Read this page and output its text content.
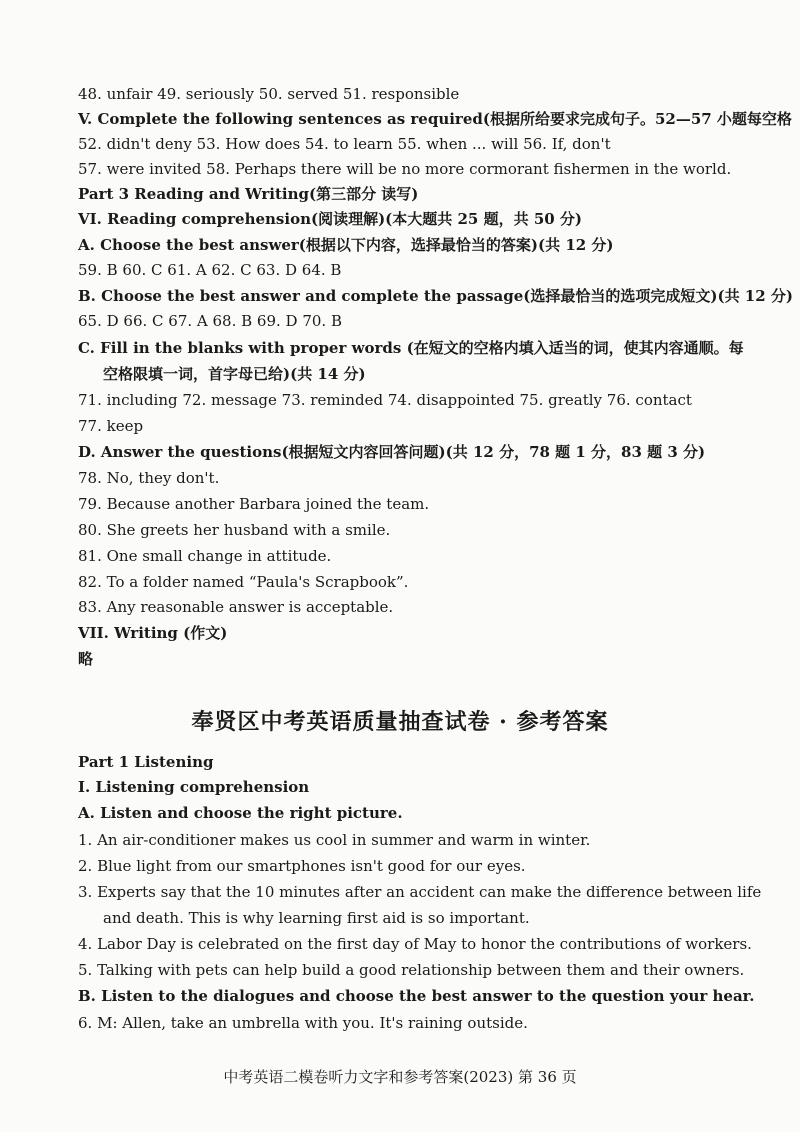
48. unfair 49. seriously 50. served 51. responsible
V. Complete the following sentences as required(根据所给要求完成句子。52—57 小题每空格
52. didn't deny 53. How does 54. to learn 55. when ... will 56. If, don't
57. were invited 58. Perhaps there will be no more cormorant fishermen in the world.
Part 3 Reading and Writing(第三部分 读写)
VI. Reading comprehension(阅读理解)(本大题共 25 题，共 50 分)
A. Choose the best answer(根据以下内容，选择最恰当的答案)(共 12 分)
59. B 60. C 61. A 62. C 63. D 64. B
B. Choose the best answer and complete the passage(选择最恰当的选项完成短文)(共 12 分)
65. D 66. C 67. A 68. B 69. D 70. B
C. Fill in the blanks with proper words (在短文的空格内填入适当的词，使其内容通顺。每
空格限填一词，首字母已给)(共 14 分)
71. including 72. message 73. reminded 74. disappointed 75. greatly 76. contact
77. keep
D. Answer the questions(根据短文内容回答问题)(共 12 分，78 题 1 分，83 题 3 分)
78. No, they don't.
79. Because another Barbara joined the team.
80. She greets her husband with a smile.
81. One small change in attitude.
82. To a folder named “Paula's Scrapbook”.
83. Any reasonable answer is acceptable.
VII. Writing (作文)
略
奉贤区中考英语质量抽查试卷 · 参考答案
Part 1 Listening
I. Listening comprehension
A. Listen and choose the right picture.
1. An air-conditioner makes us cool in summer and warm in winter.
2. Blue light from our smartphones isn't good for our eyes.
3. Experts say that the 10 minutes after an accident can make the difference between life
and death. This is why learning first aid is so important.
4. Labor Day is celebrated on the first day of May to honor the contributions of workers.
5. Talking with pets can help build a good relationship between them and their owners.
B. Listen to the dialogues and choose the best answer to the question your hear.
6. M: Allen, take an umbrella with you. It's raining outside.
中考英语二模卷听力文字和参考答案(2023) 第 36 页
